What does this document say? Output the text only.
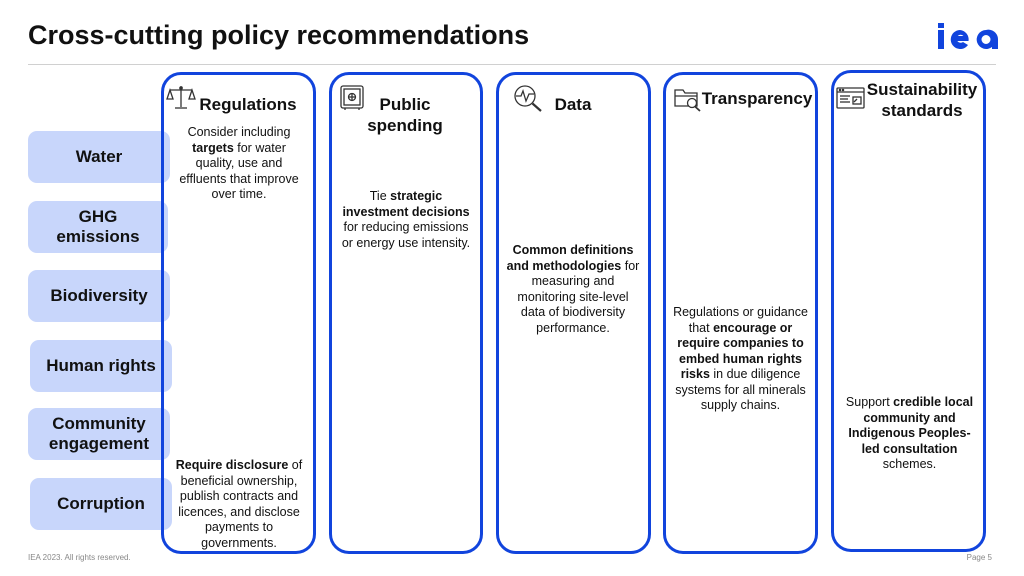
Cross-cutting policy recommendations
Water
GHG emissions
Biodiversity
Human rights
Community engagement
Corruption
Regulations	Public spending
Data	Transparency	Sustainability standards
Consider including targets for water quality, use and effluents that improve over time.
Require disclosure of beneficial ownership, publish contracts and licences, and disclose payments to governments.
Tie strategic investment decisions for reducing emissions or energy use intensity.
Common definitions and methodologies for measuring and monitoring site-level data of biodiversity performance.
Regulations or guidance that encourage or require companies to embed human rights risks in due diligence systems for all minerals supply chains.	Support credible local community and Indigenous Peoples-led consultation schemes.
IEA 2023. All rights reserved.	Page 5
